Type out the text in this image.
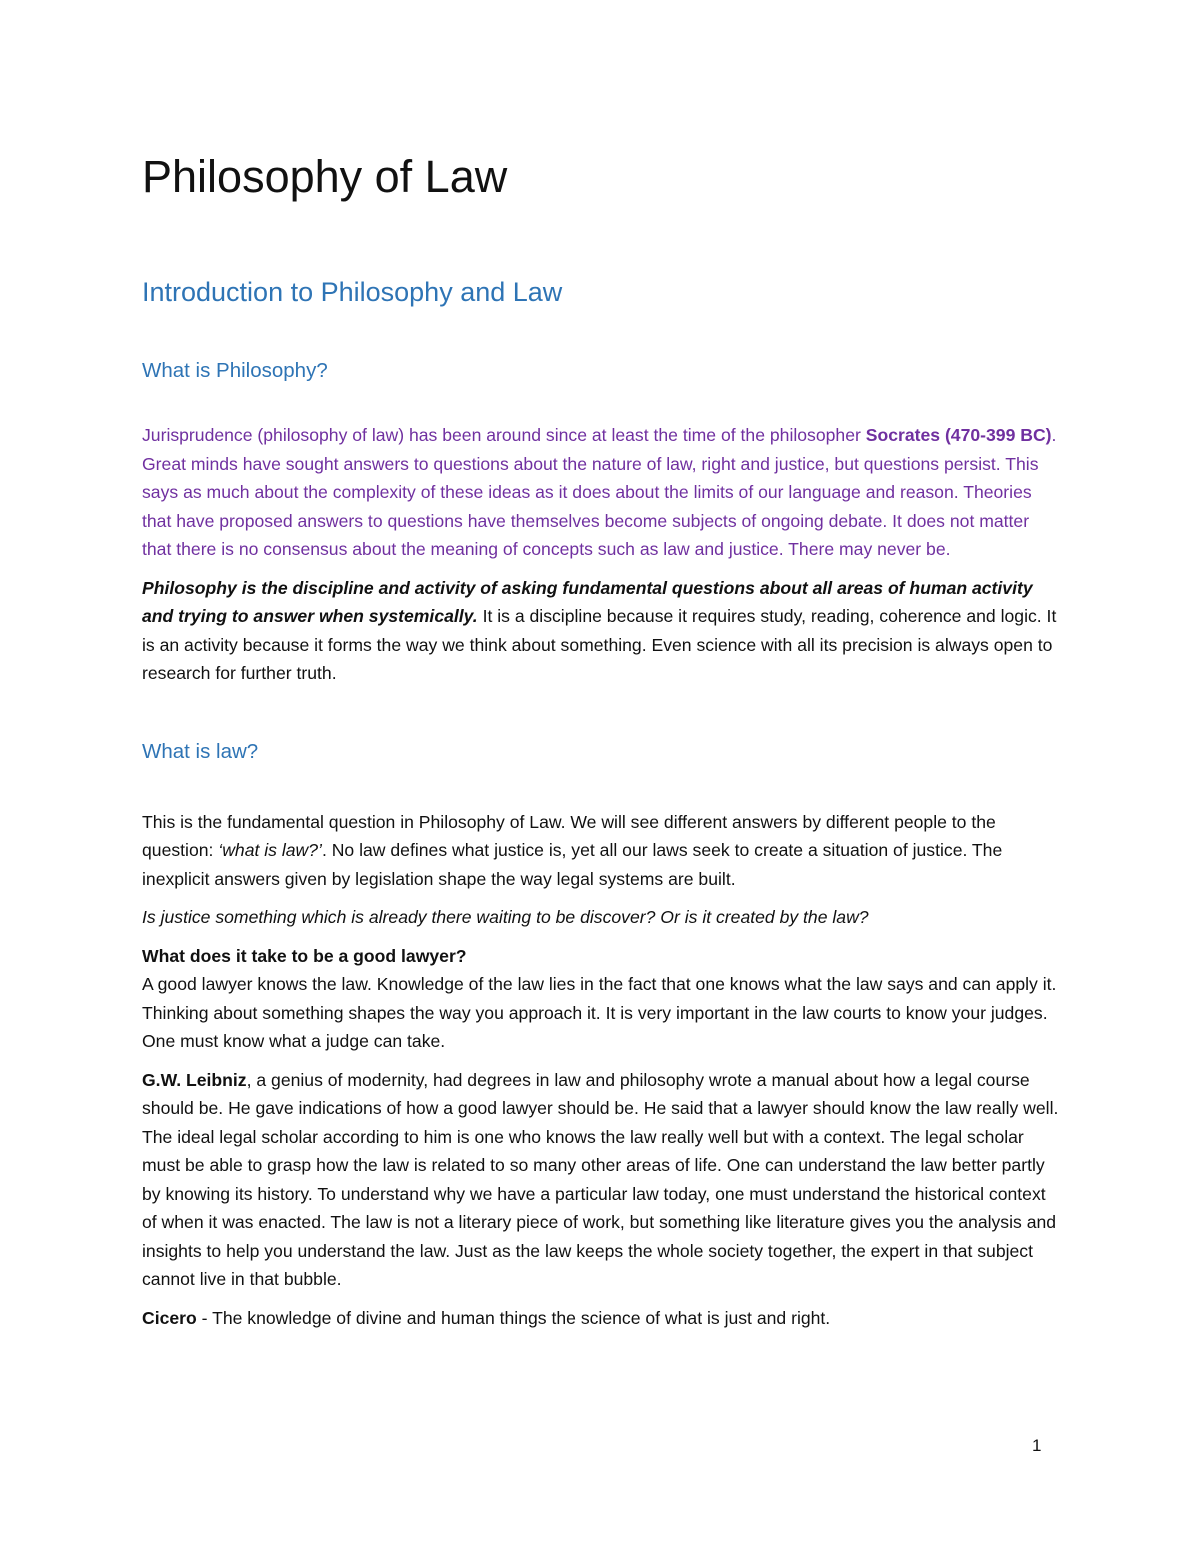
Philosophy of Law
Introduction to Philosophy and Law
What is Philosophy?

Jurisprudence (philosophy of law) has been around since at least the time of the philosopher Socrates (470-399 BC). Great minds have sought answers to questions about the nature of law, right and justice, but questions persist. This says as much about the complexity of these ideas as it does about the limits of our language and reason. Theories that have proposed answers to questions have themselves become subjects of ongoing debate. It does not matter that there is no consensus about the meaning of concepts such as law and justice. There may never be.

Philosophy is the discipline and activity of asking fundamental questions about all areas of human activity and trying to answer when systemically. It is a discipline because it requires study, reading, coherence and logic. It is an activity because it forms the way we think about something. Even science with all its precision is always open to research for further truth.

What is law?

This is the fundamental question in Philosophy of Law. We will see different answers by different people to the question: ‘what is law?’. No law defines what justice is, yet all our laws seek to create a situation of justice. The inexplicit answers given by legislation shape the way legal systems are built.

Is justice something which is already there waiting to be discover? Or is it created by the law?

What does it take to be a good lawyer?
A good lawyer knows the law. Knowledge of the law lies in the fact that one knows what the law says and can apply it. Thinking about something shapes the way you approach it. It is very important in the law courts to know your judges. One must know what a judge can take.

G.W. Leibniz, a genius of modernity, had degrees in law and philosophy wrote a manual about how a legal course should be. He gave indications of how a good lawyer should be. He said that a lawyer should know the law really well. The ideal legal scholar according to him is one who knows the law really well but with a context. The legal scholar must be able to grasp how the law is related to so many other areas of life. One can understand the law better partly by knowing its history. To understand why we have a particular law today, one must understand the historical context of when it was enacted. The law is not a literary piece of work, but something like literature gives you the analysis and insights to help you understand the law. Just as the law keeps the whole society together, the expert in that subject cannot live in that bubble.

Cicero - The knowledge of divine and human things the science of what is just and right.

1
